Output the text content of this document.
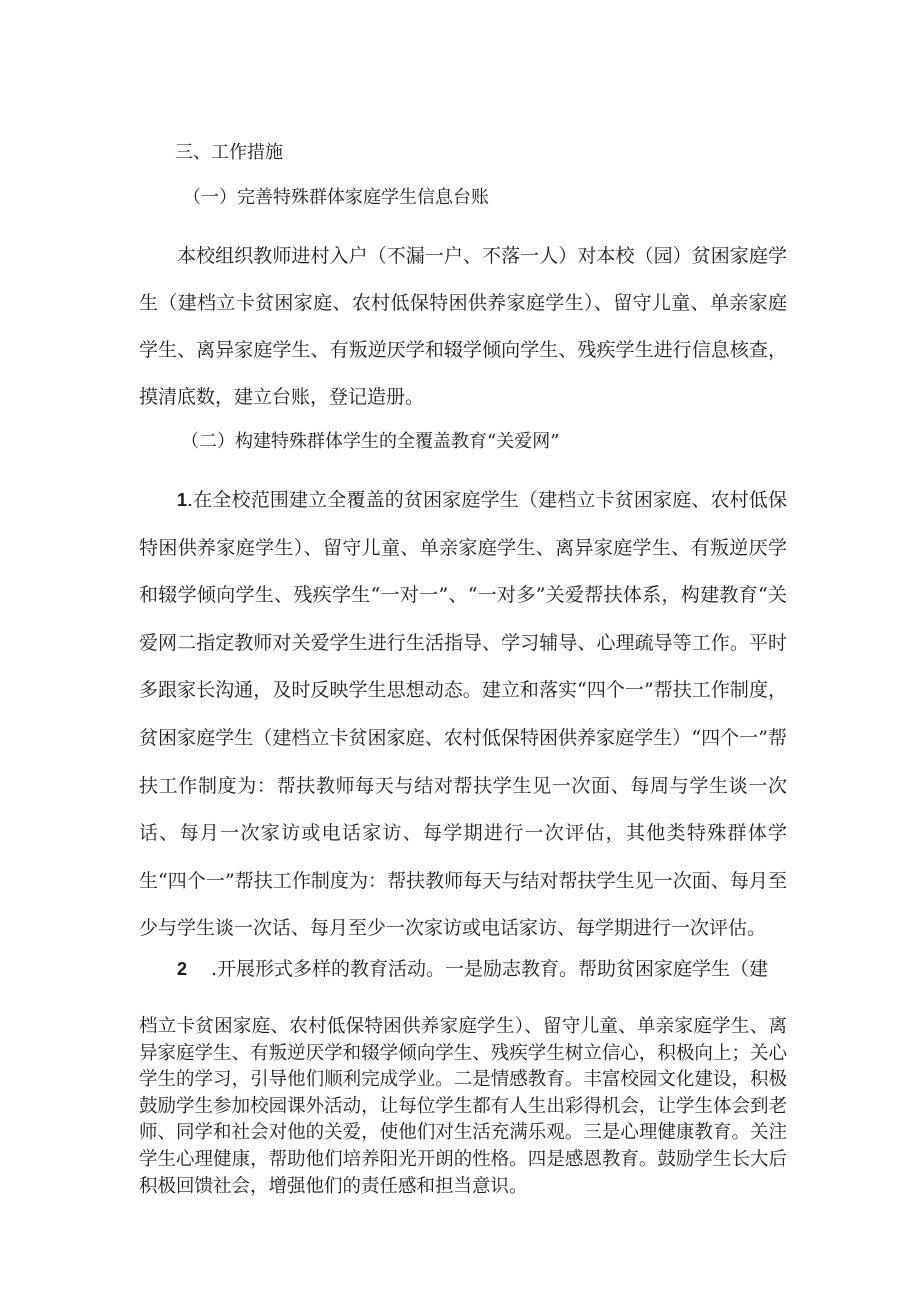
三、工作措施
（一）完善特殊群体家庭学生信息台账
本校组织教师进村入户（不漏一户、不落一人）对本校（园）贫困家庭学生（建档立卡贫困家庭、农村低保特困供养家庭学生）、留守儿童、单亲家庭学生、离异家庭学生、有叛逆厌学和辍学倾向学生、残疾学生进行信息核查，摸清底数，建立台账，登记造册。
（二）构建特殊群体学生的全覆盖教育“关爱网”
1.在全校范围建立全覆盖的贫困家庭学生（建档立卡贫困家庭、农村低保特困供养家庭学生）、留守儿童、单亲家庭学生、离异家庭学生、有叛逆厌学和辍学倾向学生、残疾学生“一对一”、“一对多”关爱帮扶体系，构建教育“关爱网二指定教师对关爱学生进行生活指导、学习辅导、心理疏导等工作。平时多跟家长沟通，及时反映学生思想动态。建立和落实“四个一”帮扶工作制度，贫困家庭学生（建档立卡贫困家庭、农村低保特困供养家庭学生）“四个一”帮扶工作制度为：帮扶教师每天与结对帮扶学生见一次面、每周与学生谈一次话、每月一次家访或电话家访、每学期进行一次评估，其他类特殊群体学生“四个一”帮扶工作制度为：帮扶教师每天与结对帮扶学生见一次面、每月至少与学生谈一次话、每月至少一次家访或电话家访、每学期进行一次评估。
2 .开展形式多样的教育活动。一是励志教育。帮助贫困家庭学生（建
档立卡贫困家庭、农村低保特困供养家庭学生）、留守儿童、单亲家庭学生、离异家庭学生、有叛逆厌学和辍学倾向学生、残疾学生树立信心，积极向上；关心学生的学习，引导他们顺利完成学业。二是情感教育。丰富校园文化建设，积极鼓励学生参加校园课外活动，让每位学生都有人生出彩得机会，让学生体会到老师、同学和社会对他的关爱，使他们对生活充满乐观。三是心理健康教育。关注学生心理健康，帮助他们培养阳光开朗的性格。四是感恩教育。鼓励学生长大后积极回馈社会，增强他们的责任感和担当意识。
